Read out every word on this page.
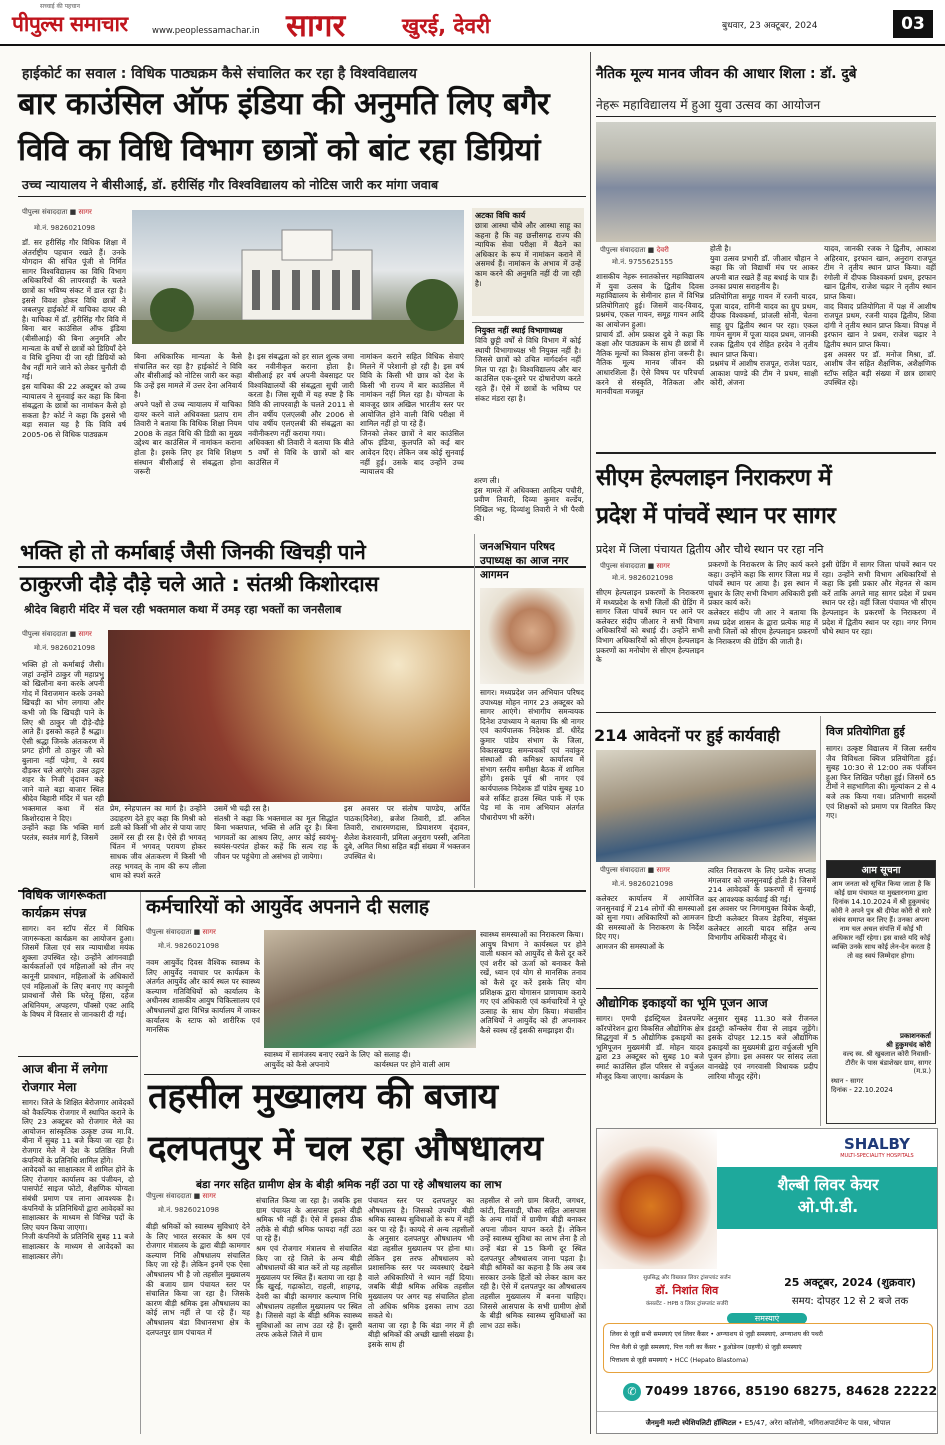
सच्चाई की पहचान
पीपुल्स समाचार	www.peoplessamachar.in सागर	खुरई, देवरी	बुधवार, 23 अक्टूबर, 2024	03
हाईकोर्ट का सवाल : विधिक पाठ्यक्रम कैसे संचालित कर रहा है विश्वविद्यालय
बार काउंसिल ऑफ इंडिया की अनुमति लिए बगैर
विवि का विधि विभाग छात्रों को बांट रहा डिग्रियां
उच्च न्यायालय ने बीसीआई, डॉ. हरीसिंह गौर विश्वविद्यालय को नोटिस जारी कर मांगा जवाब
पीपुल्स संवाददाता ■ सागर
मो.नं. 9826021098
डॉ. सर हरीसिंह गौर विधिक शिक्षा में अंतर्राष्ट्रीय पहचान रखते हैं। उनके योगदान की संचित पूंजी से निर्मित सागर विश्वविद्यालय का विधि विभाग अधिकारियों की लापरवाही के चलते छात्रों का भविष्य संकट में डाल रहा है। इससे विवश होकर विधि छात्रों ने जबलपुर हाईकोर्ट में याचिका दायर की है। याचिका में डॉ. हरीसिंह गौर विवि में बिना बार काउंसिल ऑफ इंडिया (बीसीआई) की बिना अनुमति और मान्यता के वर्षों से छात्रों को डिग्रियाँ देने व विधि दुनिया दी जा रही डिग्रियों को वैध नहीं माने जाने को लेकर चुनौती दी गई।
इस याचिका की 22 अक्टूबर को उच्च न्यायालय ने सुनवाई कर कहा कि बिना संबद्धता के छात्रों का नामांकन कैसे हो सकता है? कोर्ट ने कहा कि इससे भी बड़ा सवाल यह है कि विवि वर्ष 2005-06 से विधिक पाठ्यक्रम
बिना अधिकारिक मान्यता के कैसे संचालित कर रहा है? हाईकोर्ट ने विवि और बीसीआई को नोटिस जारी कर कहा कि उन्हें इस मामले में उत्तर देना अनिवार्य है।
अपने पक्षों से उच्च न्यायालय में याचिका दायर करने वाले अधिवक्ता प्रताप राम तिवारी ने बताया कि विधिक शिक्षा नियम 2008 के तहत विधि की डिग्री का मुख्य उद्देश्य बार काउंसिल में नामांकन कराना होता है। इसके लिए हर विधि शिक्षण संस्थान बीसीआई से संबद्धता होना जरूरी
है। इस संबद्धता को हर साल शुल्क जमा कर नवीनीकृत कराना होता है। बीसीआई हर वर्ष अपनी वेबसाइट पर विश्वविद्यालयों की संबद्धता सूची जारी करता है। जिस सूची में यह स्पष्ट है कि विवि की लापरवाही के चलते 2011 से तीन वर्षीय एलएलबी और 2006 से पांच वर्षीय एलएलबी की संबद्धता का नवीनीकरण नहीं कराया गया।
अधिवक्ता श्री तिवारी ने बताया कि बीते 5 वर्षों से विधि के छात्रों को बार काउंसिल में
नामांकन कराने सहित विधिक सेवाएं मिलने में परेशानी हो रही है। इस वर्ष विवि के किसी भी छात्र को देश के किसी भी राज्य में बार काउंसिल में नामांकन नहीं मिल रहा है। योग्यता के बावजूद छात्र अखिल भारतीय स्तर पर आयोजित होने वाली विधि परीक्षा में शामिल नहीं हो पा रहे हैं।
जिनको लेकर छात्रों ने बार काउंसिल ऑफ इंडिया, कुलपति को कई बार आवेदन दिए। लेकिन जब कोई सुनवाई नहीं हुई। उसके बाद उन्होंने उच्च न्यायालय की
अटका विधि कार्य
छात्रा आस्था चौबे और आस्था साहू का कहना है कि वह छत्तीसगढ़ राज्य की न्यायिक सेवा परीक्षा में बैठने का अधिकार के रूप में नामांकन कराने में असमर्थ हैं। नामांकन के अभाव में उन्हें काम करने की अनुमति नहीं दी जा रही है।
नियुक्त नहीं स्थाई विभागाध्यक्ष
विवि छुट्टी वर्षों से विधि विभाग में कोई स्थायी विभागाध्यक्ष भी नियुक्त नहीं है। जिससे छात्रों को उचित मार्गदर्शन नहीं मिल पा रहा है। विश्वविद्यालय और बार काउंसिल एक-दूसरे पर दोषारोपण करते रहते हैं। ऐसे में छात्रों के भविष्य पर संकट मंडरा रहा है।
शरण ली।
इस मामले में अधिवक्ता आदित्य पचौरी, प्रवीण तिवारी, दिव्या कुमार वर्ल्डेय, निखिल भट्ट, दिव्यांशु तिवारी ने भी पैरवी की।
भक्ति हो तो कर्माबाई जैसी जिनकी खिचड़ी पाने
ठाकुरजी दौड़े दौड़े चले आते : संतश्री किशोरदास
श्रीदेव बिहारी मंदिर में चल रही भक्तमाल कथा में उमड़ रहा भक्तों का जनसैलाब
पीपुल्स संवाददाता ■ सागर
मो.नं. 9826021098
भक्ति हो तो कर्माबाई जैसी। जहां उन्होंने ठाकुर जी महाप्रभु को खिलौना बना करके अपनी गोद में विराजमान करके उनको खिचड़ी का भोग लगाया और कभी जो कि खिचड़ी पाने के लिए श्री ठाकुर जी दौड़े-दौड़े आते हैं। इसको कहते हैं श्रद्धा। ऐसी श्रद्धा जिनके अंतःकरण में प्रगट होगी तो ठाकुर जी को बुलाना नहीं पड़ेगा, वे स्वयं दौड़कर चले आएंगे। उक्त उद्गार शहर के निजी वृंदावन कहे जाने वाले बड़ा बाजार स्थित श्रीदेव बिहारी मंदिर में चल रही भक्तमाल कथा में संत किशोरदास ने दिए।
उन्होंने कहा कि भक्ति मार्ग परतंत्र, स्वतंत्र मार्ग है, जिसमें
प्रेम, स्नेहपालन का मार्ग है। उन्होंने उदाहरण देते हुए कहा कि मिश्री को डली को किसी भी ओर से पाया जाए उसमें रस ही रस है। ऐसे ही भगवत् चिंतन में भगवत् परायण होकर साधक जीव अंतःकरण में किसी भी तरह भगवत् के नाम की रूप लीला धाम को स्पर्श करते
उसमें भी चढ़ी रस है।
संतश्री ने कहा कि भक्तमाल का मूल सिद्धांत बिना भक्तपाल, भक्ति से अति दूर है। बिना भागवतों का आश्रय लिए, अगर कोई स्वयंभू-स्वयंस-परपंत होकर कहें कि सत्य राह के जीवन पर पहुंचेगा तो असंभव हो जायेगा।
इस अवसर पर संतोष पाण्डेय, अर्पित पाठक(दिनेश), ब्रजेश तिवारी, डॉ. अनिल तिवारी, राधारमणदास, प्रियाशरण वृंदावन, शैलेश केशरवानी, प्रमिला अनुराग पस्सी, अनिता दुबे, अमित मिश्रा सहित बड़ी संख्या में भक्तजन उपस्थित थे।
जनअभियान परिषद उपाध्यक्ष का आज नगर आगमन
सागर। मध्यप्रदेश जन अभियान परिषद उपाध्यक्ष मोहन नागर 23 अक्टूबर को सागर आएंगे। संभागीय समन्वयक दिनेश उपाध्याय ने बताया कि श्री नागर एवं कार्यपालक निदेशक डॉ. धीरेंद्र कुमार पांडेय संभाग के जिला, विकासखण्ड समन्वयकों एवं नवांकुर संस्थाओं की कमिश्नर कार्यालय में संभाग स्तरीय समीक्षा बैठक में शामिल होंगे। इसके पूर्व श्री नागर एवं कार्यपालक निदेशक डॉ पांडेय सुबह 10 बजे सर्किट हाउस स्थित पार्क में एक पेड़ मां के नाम अभियान अंतर्गत पौधारोपण भी करेंगे।
विधिक जागरूकता
कार्यक्रम संपन्न
सागर। वन स्टॉप सेंटर में विधिक जागरूकता कार्यक्रम का आयोजन हुआ। जिसमें जिला एवं सत्र न्यायाधीश मयंक शुक्ला उपस्थित रहे। उन्होंने आंगनवाड़ी कार्यकर्ताओं एवं महिलाओं को तीन नए कानूनी प्रावधान, महिलाओं के अधिकारों एवं महिलाओं के लिए बनाए गए कानूनी प्रावधानों जैसे कि घरेलू हिंसा, दहेज अधिनियम, अपहरण, पॉक्सो एक्ट आदि के विषय में विस्तार से जानकारी दी गई।
आज बीना में लगेगा
रोजगार मेला
सागर। जिले के शिक्षित बेरोजगार आवेदकों को वैकल्पिक रोजगार में स्थापित कराने के लिए 23 अक्टूबर को रोजगार मेले का आयोजन सांस्कृतिक उत्कृष्ट उच्च मा.वि. बीना में सुबह 11 बजे किया जा रहा है। रोजगार मेले में देश के प्रतिष्ठित निजी कंपनियों के प्रतिनिधि शामिल होंगे।
आवेदकों का साक्षात्कार में शामिल होने के लिए रोजगार कार्यालय का पंजीयन, दो पासपोर्ट साइज फोटो, शैक्षणिक योग्यता संबंधी प्रमाण पत्र लाना आवश्यक है। कंपनियों के प्रतिनिधियों द्वारा आवेदकों का साक्षात्कार के माध्यम से विभिन्न पदों के लिए चयन किया जाएगा।
निजी कंपनियों के प्रतिनिधि सुबह 11 बजे साक्षात्कार के माध्यम से आवेदकों का साक्षात्कार लेंगे।
कर्मचारियों को आयुर्वेद अपनाने दी सलाह
पीपुल्स संवाददाता ■ सागर
मो.नं. 9826021098
नवम आयुर्वेद दिवस वैश्विक स्वास्थ्य के लिए आयुर्वेद नवाचार पर कार्यक्रम के अंतर्गत आयुर्वेद और कार्य स्थल पर स्वास्थ्य कल्याण गतिविधियों को कार्यालय के अधीनस्थ शासकीय आयुष चिकित्सालय एवं औषधालयों द्वारा विभिन्न कार्यालय में जाकर कार्यालय के स्टाफ को शारीरिक एवं मानसिक
स्वास्थ्य में सामंजस्य बनाए रखने के लिए आयुर्वेद को कैसे अपनाये
को सलाह दी।
कार्यस्थल पर होने वाली आम
स्वास्थ्य समस्याओं का निराकरण किया।
आयुष विभाग ने कार्यस्थल पर होने वाली थकान को आयुर्वेद से कैसे दूर करें एवं शरीर को ऊर्जा को बनाकर कैसे रखें, ध्यान एवं योग से मानसिक तनाव को कैसे दूर करें इसके लिए योग प्रशिक्षक द्वारा योगासन प्राणायाम कराये गए एवं अधिकारी एवं कर्मचारियों ने पूरे उत्साह के साथ योग किया। मंचासीन अतिथियों ने आयुर्वेद को ही अपनाकर कैसे स्वस्थ रहें इसकी समझाइश दी।
तहसील मुख्यालय की बजाय
दलपतपुर में चल रहा औषधालय
बंडा नगर सहित ग्रामीण क्षेत्र के बीड़ी श्रमिक नहीं उठा पा रहे औषधालय का लाभ
पीपुल्स संवाददाता ■ सागर
मो.नं. 9826021098
बीड़ी श्रमिकों को स्वास्थ्य सुविधाएं देने के लिए भारत सरकार के श्रम एवं रोजगार मंत्रालय के द्वारा बीड़ी कामगार कल्याण निधि औषधालय संचालित किए जा रहे हैं। लेकिन इनमें एक ऐसा औषधालय भी है जो तहसील मुख्यालय की बजाय ग्राम पंचायत स्तर पर संचालित किया जा रहा है। जिसके कारण बीड़ी श्रमिक इस औषधालय का कोई लाभ नहीं ले पा रहे हैं। यह औषधालय बंडा विधानसभा क्षेत्र के दलपतपुर ग्राम पंचायत में
संचालित किया जा रहा है। जबकि इस ग्राम पंचायत के आसपास इतने बीड़ी श्रमिक भी नहीं हैं। ऐसे में इसका ठीक तरीके से बीड़ी श्रमिक फायदा नहीं उठा पा रहे हैं।
श्रम एवं रोजगार मंत्रालय से संचालित किए जा रहे जिले के अन्य बीड़ी औषधालयों की बात करें तो यह तहसील मुख्यालय पर स्थित हैं। बताया जा रहा है कि खुरई, गढ़ाकोटा, राहली, शाहगढ़, देवरी का बीड़ी कामगार कल्याण निधि औषधालय तहसील मुख्यालय पर स्थित है। जिससे वहां के बीड़ी श्रमिक स्वास्थ्य सुविधाओं का लाभ उठा रहे हैं। दूसरी तरफ अकेले जिले में ग्राम
पंचायत स्तर पर दलपतपुर का औषधालय है। जिसको उपयोग बीड़ी श्रमिक स्वास्थ्य सुविधाओं के रूप में नहीं कर पा रहे हैं। कायदे से अन्य तहसीलों के अनुसार दलपतपुर औषधालय भी बंडा तहसील मुख्यालय पर होना था। लेकिन इस तरफ औषधालय को प्रशासनिक स्तर पर व्यवस्थाएं देखने वाले अधिकारियों ने ध्यान नहीं दिया। जबकि बीड़ी श्रमिक अधिक तहसील मुख्यालय पर अगर यह संचालित होता तो अधिक श्रमिक इसका लाभ उठा सकते थे।
बताया जा रहा है कि बंडा नगर में ही बीड़ी श्रमिकों की अच्छी खासी संख्या है। इसके साथ ही
तहसील से लगे ग्राम बिजरी, जगथर, कांटी, डिलवाड़ी, चौका सहित आसपास के अन्य गांवों में ग्रामीण बीड़ी बनाकर अपना जीवन यापन करते हैं। लेकिन उन्हें स्वास्थ्य सुविधा का लाभ लेना है तो उन्हें बंडा से 15 किमी दूर स्थित दलपतपुर औषधालय जाना पड़ता है। बीड़ी श्रमिकों का कहना है कि अब जब सरकार उनके हितों को लेकर काम कर रही है। ऐसे में दलपतपुर का औषधालय तहसील मुख्यालय में बनना चाहिए। जिससे आसपास के सभी ग्रामीण क्षेत्रों के बीड़ी श्रमिक स्वास्थ्य सुविधाओं का लाभ उठा सकें।
नैतिक मूल्य मानव जीवन की आधार शिला : डॉ. दुबे
नेहरू महाविद्यालय में हुआ युवा उत्सव का आयोजन
पीपुल्स संवाददाता ■ देवरी
मो.नं. 9755625155
शासकीय नेहरू स्नातकोत्तर महाविद्यालय में युवा उत्सव के द्वितीय दिवस महाविद्यालय के सेमीनार हाल में विभिन्न प्रतियोगिताएं हुई। जिसमें वाद-विवाद, प्रश्नमंच, एकल गायन, समूह गायन आदि का आयोजन हुआ।
प्राचार्य डॉ. ओम प्रकाश दुबे ने कहा कि कक्षा और पाठ्यक्रम के साथ ही छात्रों में नैतिक मूल्यों का विकास होना जरूरी है। नैतिक मूल्य मानव जीवन की आधारशिला हैं। ऐसे विषय पर परिचर्चा करने से संस्कृति, नैतिकता और मानवीयता मजबूत
होती है।
युवा उत्सव प्रभारी डॉ. जीआर चौहान ने कहा कि जो विद्यार्थी मंच पर आकर अपनी बात रखते हैं वह बधाई के पात्र हैं। उनका प्रयास सराहनीय है।
प्रतियोगिता समूह गायन में रजनी यादव, पूजा यादव, रागिनी यादव का ग्रुप प्रथम, दीपक विश्वकर्मा, प्रांजली सोनी, चेतना साहू ग्रुप द्वितीय स्थान पर रहा। एकल गायन सुगम में पूजा यादव प्रथम, जानकी रजक द्वितीय एवं रोहित हरदेव ने तृतीय स्थान प्राप्त किया।
प्रश्नमंच में आशीष राजपूत, राजेश पठार, आकाश पाण्डे की टीम ने प्रथम, साक्षी कोरी, अंजना
यादव, जानकी रजक ने द्वितीय, आकाश अहिरवार, इरफान खान, अनुराग राजपूत टीम ने तृतीय स्थान प्राप्त किया। वहीं रंगोली में दीपक विश्वकर्मा प्रथम, इरफान खान द्वितीय, राजेश चढ़ार ने तृतीय स्थान प्राप्त किया।
वाद विवाद प्रतियोगिता में पक्ष में आशीष राजपूत प्रथम, रजनी यादव द्वितीय, शिवा दांगी ने तृतीय स्थान प्राप्त किया। विपक्ष में इरफान खान ने प्रथम, राजेश चढ़ार ने द्वितीय स्थान प्राप्त किया।
इस अवसर पर डॉ. मनोज मिश्रा, डॉ. आशीष जैन सहित शैक्षणिक, अशैक्षणिक स्टॉफ सहित बड़ी संख्या में छात्र छात्राएं उपस्थित रहे।
सीएम हेल्पलाइन निराकरण में
प्रदेश में पांचवें स्थान पर सागर
प्रदेश में जिला पंचायत द्वितीय और चौथे स्थान पर रहा ननि
पीपुल्स संवाददाता ■ सागर
मो.नं. 9826021098
सीएम हेल्पलाइन प्रकरणों के निराकरण में मध्यप्रदेश के सभी जिलों की ग्रेडिंग में सागर जिला पांचवें स्थान पर आने पर कलेक्टर संदीप जीआर ने सभी विभाग अधिकारियों को बधाई दी। उन्होंने सभी विभाग अधिकारियों को सीएम हेल्पलाइन प्रकरणों का मनोयोग से सीएम हेल्पलाइन के
प्रकरणों के निराकरण के लिए कार्य करने कहा। उन्होंने कहा कि सागर जिला मप्र में पांचवें स्थान पर आया है। इस स्थान में सुधार के लिए सभी विभाग अधिकारी इसी प्रकार कार्य करें।
कलेक्टर संदीप जी आर ने बताया कि मध्य प्रदेश शासन के द्वारा प्रत्येक माह में सभी जिलों को सीएम हेल्पलाइन प्रकरणों के निराकरण की ग्रेडिंग की जाती है।
इसी ग्रेडिंग में सागर जिला पांचवें स्थान पर रहा। उन्होंने सभी विभाग अधिकारियों से कहा कि इसी प्रकार और मेहनत से काम करें ताकि अगले माह सागर प्रदेश में प्रथम स्थान पर रहे। वहीं जिला पंचायत भी सीएम हेल्पलाइन के प्रकरणों के निराकरण में प्रदेश में द्वितीय स्थान पर रहा। नगर निगम चौथे स्थान पर रहा।
214 आवेदनों पर हुई कार्यवाही
पीपुल्स संवाददाता ■ सागर
मो.नं. 9826021098
कलेक्टर कार्यालय में आयोजित जनसुनवाई में 214 लोगों की समस्याओं को सुना गया। अधिकारियों को आमजन की समस्याओं के निराकरण के निर्देश दिए गए।
आमजन की समस्याओं के
त्वरित निराकरण के लिए प्रत्येक सप्ताह मंगलवार को जनसुनवाई होती है। जिसमें 214 आवेदकों के प्रकरणों में सुनवाई कर आवश्यक कार्यवाई की गई।
इस अवसर पर निगमायुक्त विवेक केव्ही, डिप्टी कलेक्टर विजय डेहरिया, संयुक्त कलेक्टर आरती यादव सहित अन्य विभागीय अधिकारी मौजूद थे।
औद्योगिक इकाइयों का भूमि पूजन आज
सागर। एमपी इंडस्ट्रियल डेवलपमेंट कॉरपोरेशन द्वारा विकसित औद्योगिक क्षेत्र सिद्धगुवां में 5 औद्योगिक इकाइयों का भूमिपूजन मुख्यमंत्री डॉ. मोहन यादव द्वारा 23 अक्टूबर को सुबह 10 बजे स्मार्ट काउंसिल हॉल परिसर से वर्चुअल मौजूद किया जाएगा। कार्यक्रम के
अनुसार सुबह 11.30 बजे रीजनल इंडस्ट्री कॉन्क्लेव रीवा से लाइव जुड़ेंगे। इसके दोपहर 12.15 बजे औद्योगिक इकाइयों का मुख्यमंत्री द्वारा वर्चुअली भूमि पूजन होगा। इस अवसर पर सांसद लता वानखेड़े एवं नगरवासी विधायक प्रदीप लारिया मौजूद रहेंगे।
विज प्रतियोगिता हुई
सागर। उत्कृष्ट विद्यालय में जिला स्तरीय जैव विविधता क्विज प्रतियोगिता हुई। सुबह 10:30 से 12:00 तक पंजीयन हुआ फिर लिखित परीक्षा हुई। जिसमें 65 टीमों ने सहभागिता की। मूल्यांकन 2 से 4 बजे तक किया गया। प्रतिभागी सदस्यों एवं शिक्षकों को प्रमाण पत्र वितरित किए गए।
आम सूचना
आम जनता को सूचित किया जाता है कि कोई ग्राम पंचायत या मुख्तारनामा द्वारा दिनांक 14.10.2024 में श्री हुकुमचंद कोरी ने अपने पुत्र श्री दीपेश कोरी से सारे संबंध समाप्त कर लिए हैं। उनका अपना नाम चल अचल संपत्ति में कोई भी अधिकार नहीं रहेगा। इस वास्ते यदि कोई व्यक्ति उनके साथ कोई लेन-देन करता है तो वह स्वयं जिम्मेदार होगा।
प्रकाशनकर्ता
श्री हुकुमचंद कोरी
वल्द स्व. श्री खुबलाल कोरी निवासी-टौरीर के पास बंडाशेखर ग्राम, सागर (म.प्र.)
स्थान - सागर
दिनांक - 22.10.2024
SHALBY
MULTI-SPECIALITY HOSPITALS
शैल्बी लिवर केयर
ओ.पी.डी.
सुप्रसिद्ध और विख्यात लिवर ट्रांसप्लांट सर्जन
डॉ. निशांत शिव
कंसल्टेंट - HPB व लिवर ट्रांसप्लांट सर्जरी
25 अक्टूबर, 2024 (शुक्रवार)
समय: दोपहर 12 से 2 बजे तक
समस्याएं
लिवर से जुड़ी सभी समस्याएं एवं लिवर कैंसर • अग्न्याशय से जुड़ी समस्याएं, अग्न्याशय की पथरी
पित्त थैली से जुड़ी समस्याएं, पित्त नली का कैंसर • डुओडेनम (ग्रहणी) से जुड़ी समस्याएं
पित्ताशय से जुड़ी समस्याएं • HCC (Hepato Blastoma)
✆ 70499 18766, 85190 68275, 84628 22222
जैनमुनी मल्टी स्पेशियलिटी हॉस्पिटल • E5/47, अरेरा कॉलोनी, भगिराअपार्टमेन्ट के पास, भोपाल
